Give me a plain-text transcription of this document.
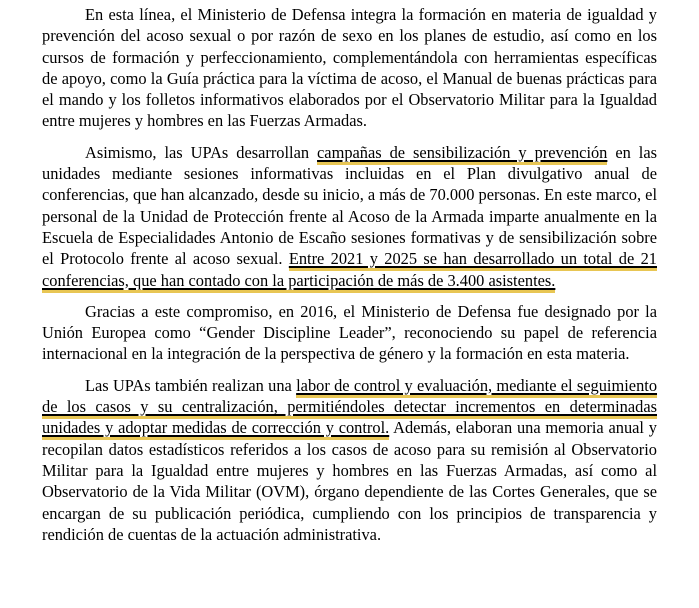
En esta línea, el Ministerio de Defensa integra la formación en materia de igualdad y prevención del acoso sexual o por razón de sexo en los planes de estudio, así como en los cursos de formación y perfeccionamiento, complementándola con herramientas específicas de apoyo, como la Guía práctica para la víctima de acoso, el Manual de buenas prácticas para el mando y los folletos informativos elaborados por el Observatorio Militar para la Igualdad entre mujeres y hombres en las Fuerzas Armadas.

Asimismo, las UPAs desarrollan campañas de sensibilización y prevención en las unidades mediante sesiones informativas incluidas en el Plan divulgativo anual de conferencias, que han alcanzado, desde su inicio, a más de 70.000 personas. En este marco, el personal de la Unidad de Protección frente al Acoso de la Armada imparte anualmente en la Escuela de Especialidades Antonio de Escaño sesiones formativas y de sensibilización sobre el Protocolo frente al acoso sexual. Entre 2021 y 2025 se han desarrollado un total de 21 conferencias, que han contado con la participación de más de 3.400 asistentes.

Gracias a este compromiso, en 2016, el Ministerio de Defensa fue designado por la Unión Europea como “Gender Discipline Leader”, reconociendo su papel de referencia internacional en la integración de la perspectiva de género y la formación en esta materia.

Las UPAs también realizan una labor de control y evaluación, mediante el seguimiento de los casos y su centralización, permitiéndoles detectar incrementos en determinadas unidades y adoptar medidas de corrección y control. Además, elaboran una memoria anual y recopilan datos estadísticos referidos a los casos de acoso para su remisión al Observatorio Militar para la Igualdad entre mujeres y hombres en las Fuerzas Armadas, así como al Observatorio de la Vida Militar (OVM), órgano dependiente de las Cortes Generales, que se encargan de su publicación periódica, cumpliendo con los principios de transparencia y rendición de cuentas de la actuación administrativa.
